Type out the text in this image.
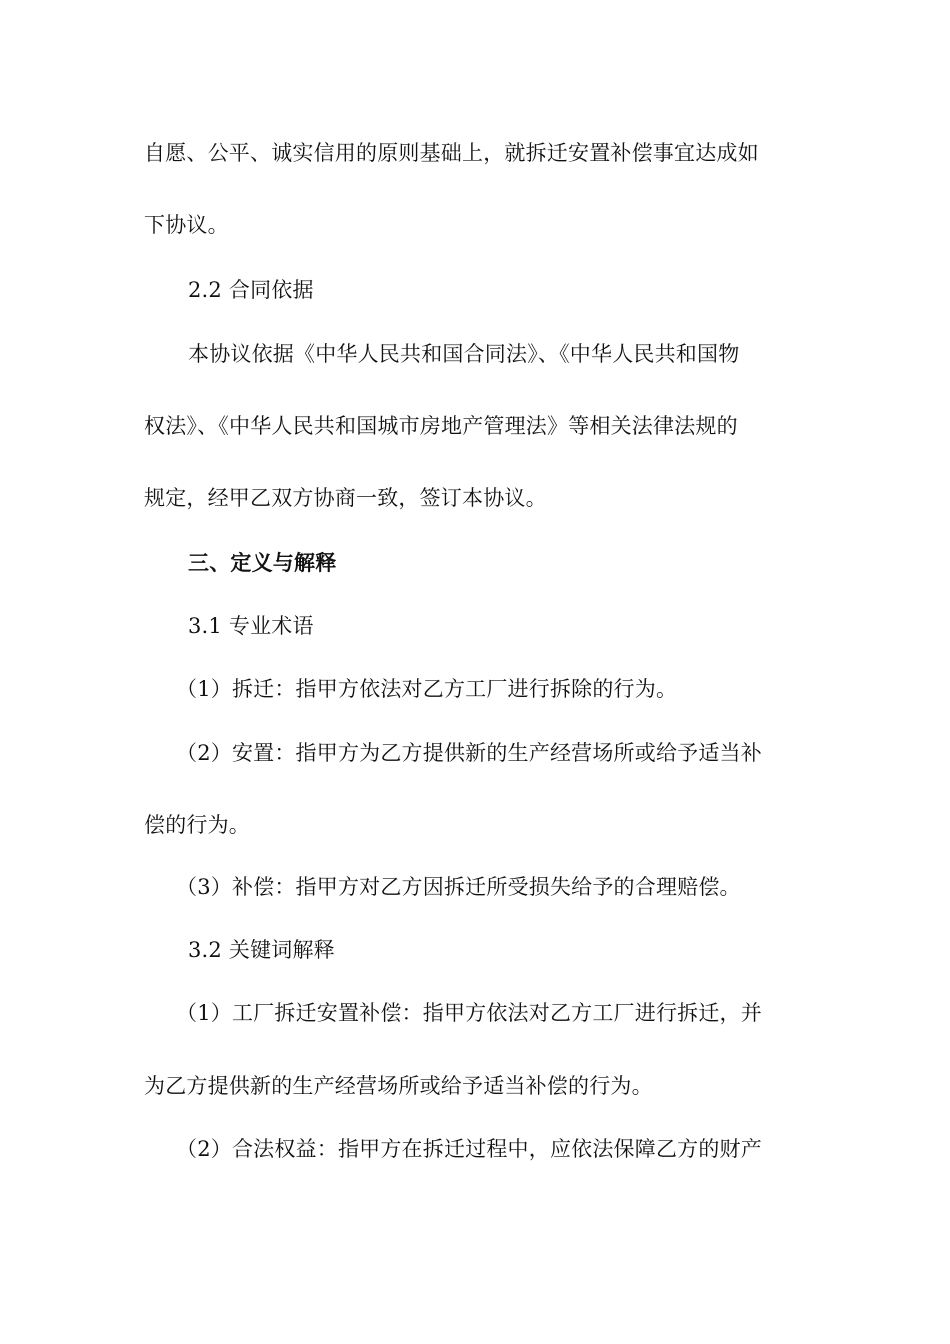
自愿、公平、诚实信用的原则基础上，就拆迁安置补偿事宜达成如
下协议。
2.2 合同依据
本协议依据《中华人民共和国合同法》、《中华人民共和国物
权法》、《中华人民共和国城市房地产管理法》等相关法律法规的
规定，经甲乙双方协商一致，签订本协议。
三、定义与解释
3.1 专业术语
（1）拆迁：指甲方依法对乙方工厂进行拆除的行为。
（2）安置：指甲方为乙方提供新的生产经营场所或给予适当补
偿的行为。
（3）补偿：指甲方对乙方因拆迁所受损失给予的合理赔偿。
3.2 关键词解释
（1）工厂拆迁安置补偿：指甲方依法对乙方工厂进行拆迁，并
为乙方提供新的生产经营场所或给予适当补偿的行为。
（2）合法权益：指甲方在拆迁过程中，应依法保障乙方的财产
